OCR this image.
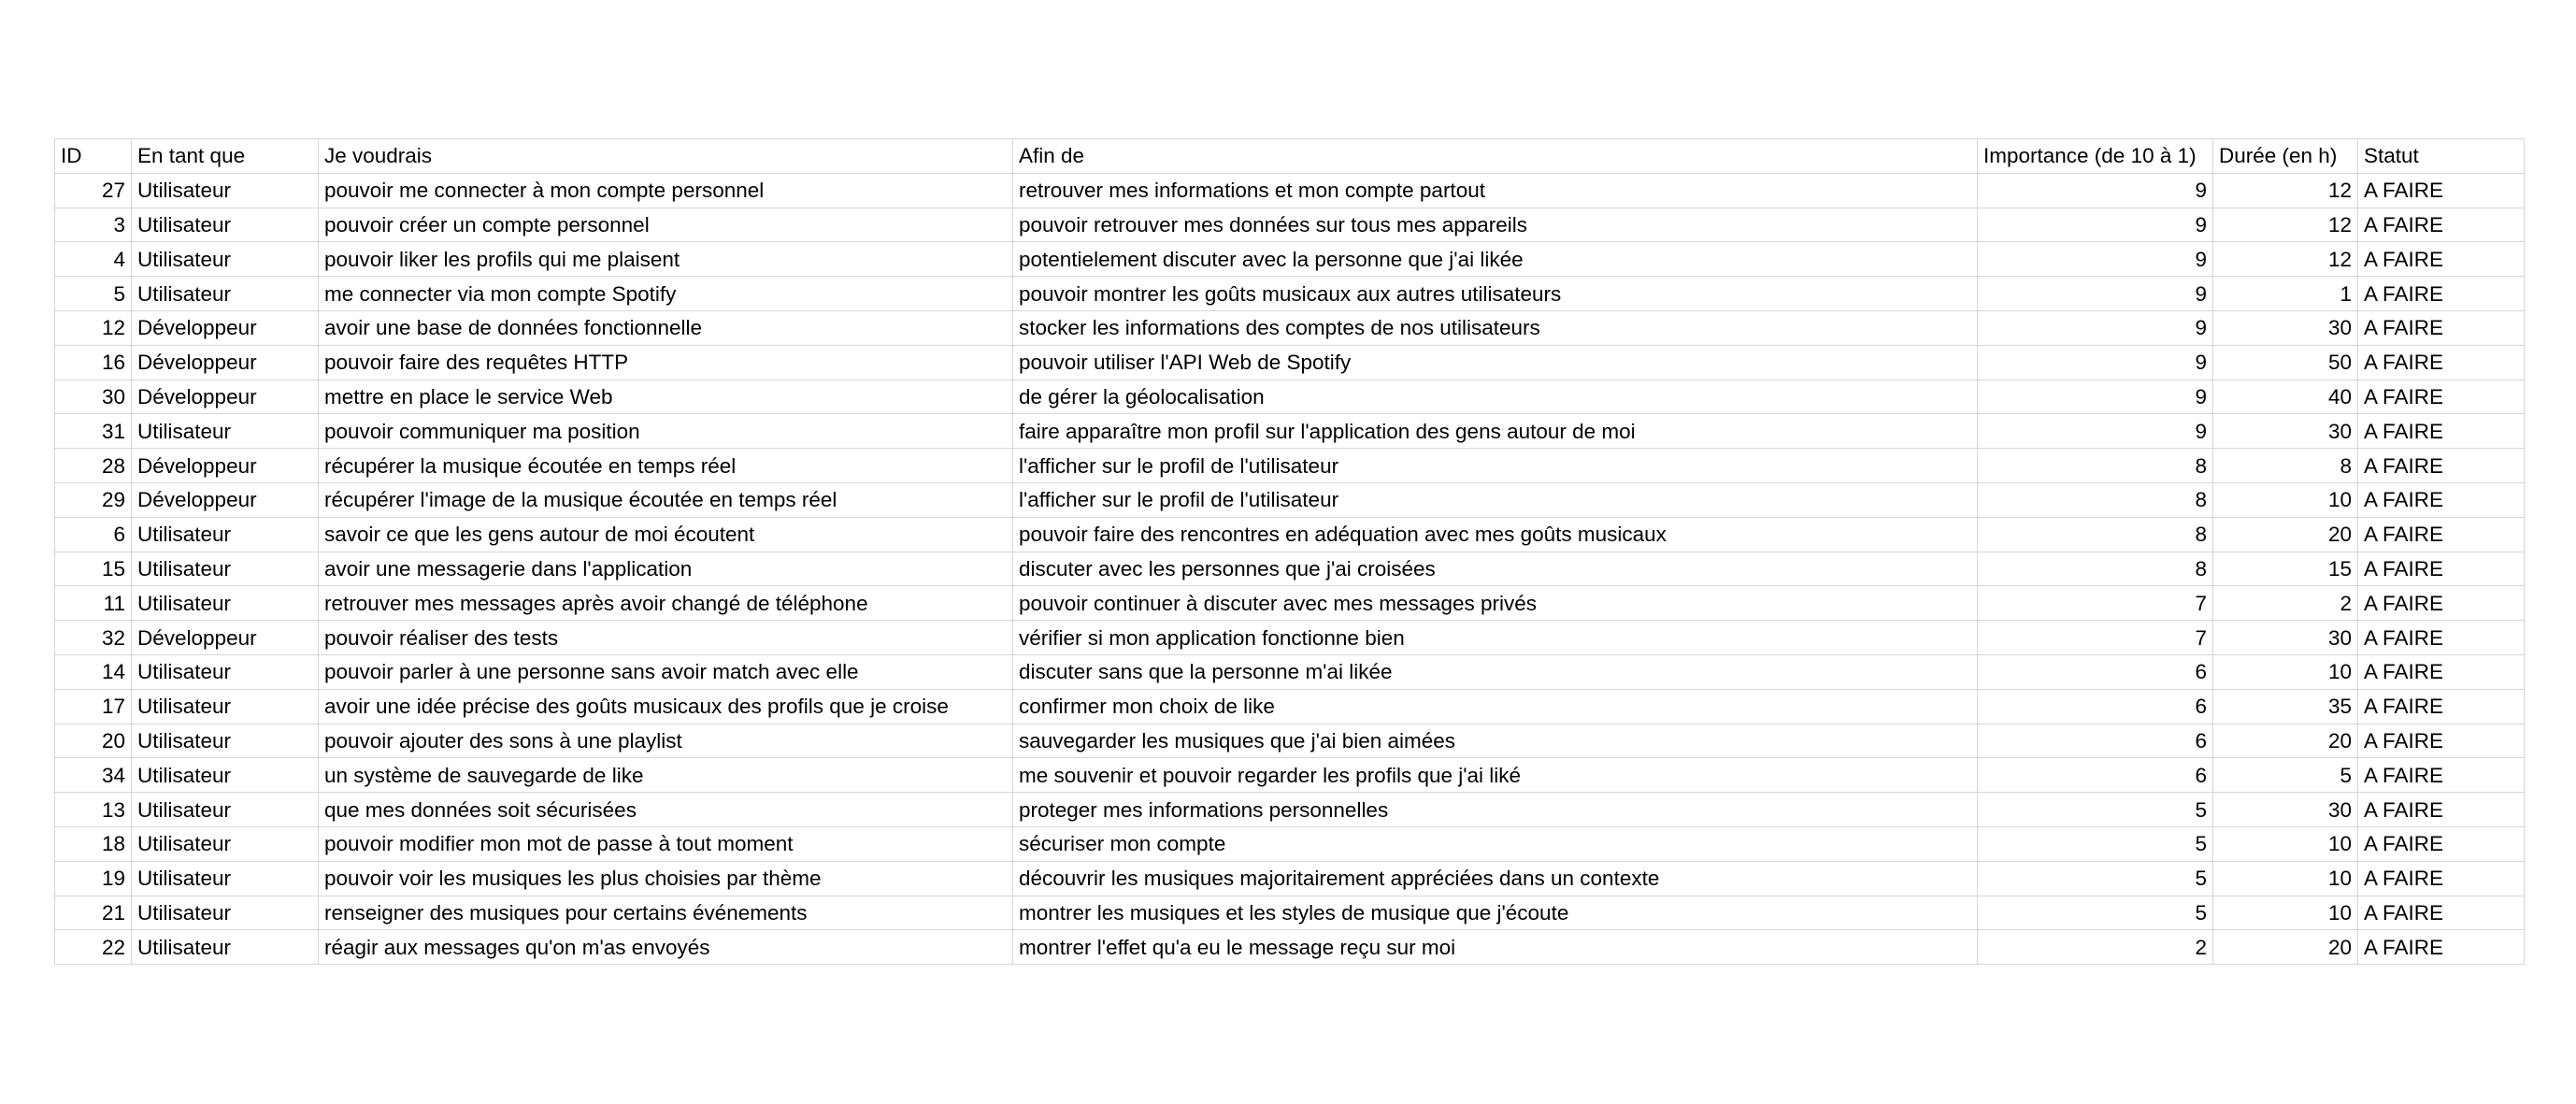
ID	En tant que	Je voudrais	Afin de	Importance (de 10 à 1)	Durée (en h)	Statut
27	Utilisateur	pouvoir me connecter à mon compte personnel	retrouver mes informations et mon compte partout	9	12	A FAIRE
3	Utilisateur	pouvoir créer un compte personnel	pouvoir retrouver mes données sur tous mes appareils	9	12	A FAIRE
4	Utilisateur	pouvoir liker les profils qui me plaisent	potentielement discuter avec la personne que j'ai likée	9	12	A FAIRE
5	Utilisateur	me connecter via mon compte Spotify	pouvoir montrer les goûts musicaux aux autres utilisateurs	9	1	A FAIRE
12	Développeur	avoir une base de données fonctionnelle	stocker les informations des comptes de nos utilisateurs	9	30	A FAIRE
16	Développeur	pouvoir faire des requêtes HTTP	pouvoir utiliser l'API Web de Spotify	9	50	A FAIRE
30	Développeur	mettre en place le service Web	de gérer la géolocalisation	9	40	A FAIRE
31	Utilisateur	pouvoir communiquer ma position	faire apparaître mon profil sur l'application des gens autour de moi	9	30	A FAIRE
28	Développeur	récupérer la musique écoutée en temps réel	l'afficher sur le profil de l'utilisateur	8	8	A FAIRE
29	Développeur	récupérer l'image de la musique écoutée en temps réel	l'afficher sur le profil de l'utilisateur	8	10	A FAIRE
6	Utilisateur	savoir ce que les gens autour de moi écoutent	pouvoir faire des rencontres en adéquation avec mes goûts musicaux	8	20	A FAIRE
15	Utilisateur	avoir une messagerie dans l'application	discuter avec les personnes que j'ai croisées	8	15	A FAIRE
11	Utilisateur	retrouver mes messages après avoir changé de téléphone	pouvoir continuer à discuter avec mes messages privés	7	2	A FAIRE
32	Développeur	pouvoir réaliser des tests	vérifier si mon application fonctionne bien	7	30	A FAIRE
14	Utilisateur	pouvoir parler à une personne sans avoir match avec elle	discuter sans que la personne m'ai likée	6	10	A FAIRE
17	Utilisateur	avoir une idée précise des goûts musicaux des profils que je croise	confirmer mon choix de like	6	35	A FAIRE
20	Utilisateur	pouvoir ajouter des sons à une playlist	sauvegarder les musiques que j'ai bien aimées	6	20	A FAIRE
34	Utilisateur	un système de sauvegarde de like	me souvenir et pouvoir regarder les profils que j'ai liké	6	5	A FAIRE
13	Utilisateur	que mes données soit sécurisées	proteger mes informations personnelles	5	30	A FAIRE
18	Utilisateur	pouvoir modifier mon mot de passe à tout moment	sécuriser mon compte	5	10	A FAIRE
19	Utilisateur	pouvoir voir les musiques les plus choisies par thème	découvrir les musiques majoritairement appréciées dans un contexte	5	10	A FAIRE
21	Utilisateur	renseigner des musiques pour certains événements	montrer les musiques et les styles de musique que j'écoute	5	10	A FAIRE
22	Utilisateur	réagir aux messages qu'on m'as envoyés	montrer l'effet qu'a eu le message reçu sur moi	2	20	A FAIRE
